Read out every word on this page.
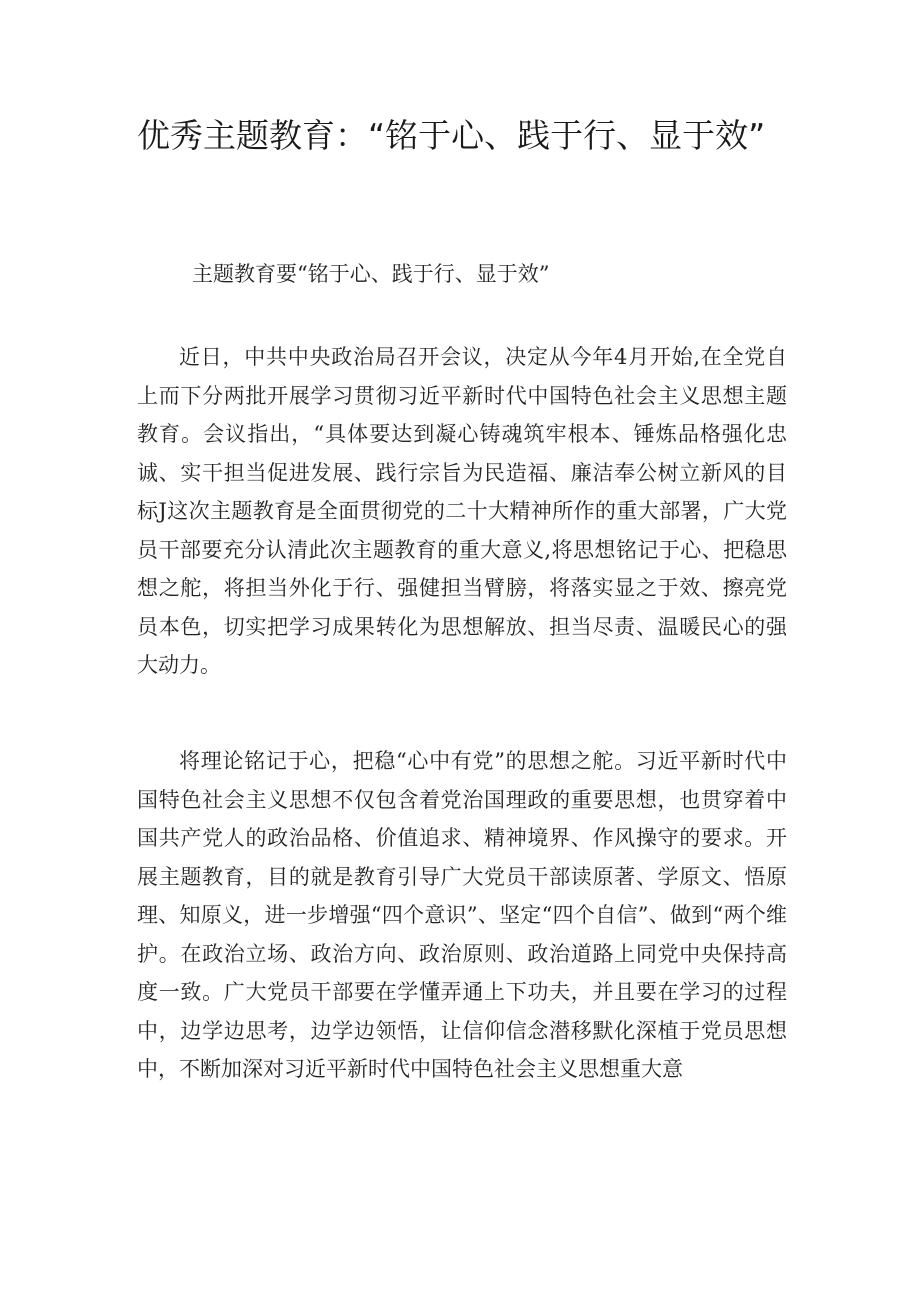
优秀主题教育：“铭于心、践于行、显于效”

主题教育要“铭于心、践于行、显于效”

近日，中共中央政治局召开会议，决定从今年4月开始,在全党自上而下分两批开展学习贯彻习近平新时代中国特色社会主义思想主题教育。会议指出，“具体要达到凝心铸魂筑牢根本、锤炼品格强化忠诚、实干担当促进发展、践行宗旨为民造福、廉洁奉公树立新风的目标J这次主题教育是全面贯彻党的二十大精神所作的重大部署，广大党员干部要充分认清此次主题教育的重大意义,将思想铭记于心、把稳思想之舵，将担当外化于行、强健担当臂膀，将落实显之于效、擦亮党员本色，切实把学习成果转化为思想解放、担当尽责、温暖民心的强大动力。

将理论铭记于心，把稳“心中有党”的思想之舵。习近平新时代中国特色社会主义思想不仅包含着党治国理政的重要思想，也贯穿着中国共产党人的政治品格、价值追求、精神境界、作风操守的要求。开展主题教育，目的就是教育引导广大党员干部读原著、学原文、悟原理、知原义，进一步增强“四个意识”、坚定“四个自信”、做到“两个维护。在政治立场、政治方向、政治原则、政治道路上同党中央保持高度一致。广大党员干部要在学懂弄通上下功夫，并且要在学习的过程中，边学边思考，边学边领悟，让信仰信念潜移默化深植于党员思想中，不断加深对习近平新时代中国特色社会主义思想重大意
